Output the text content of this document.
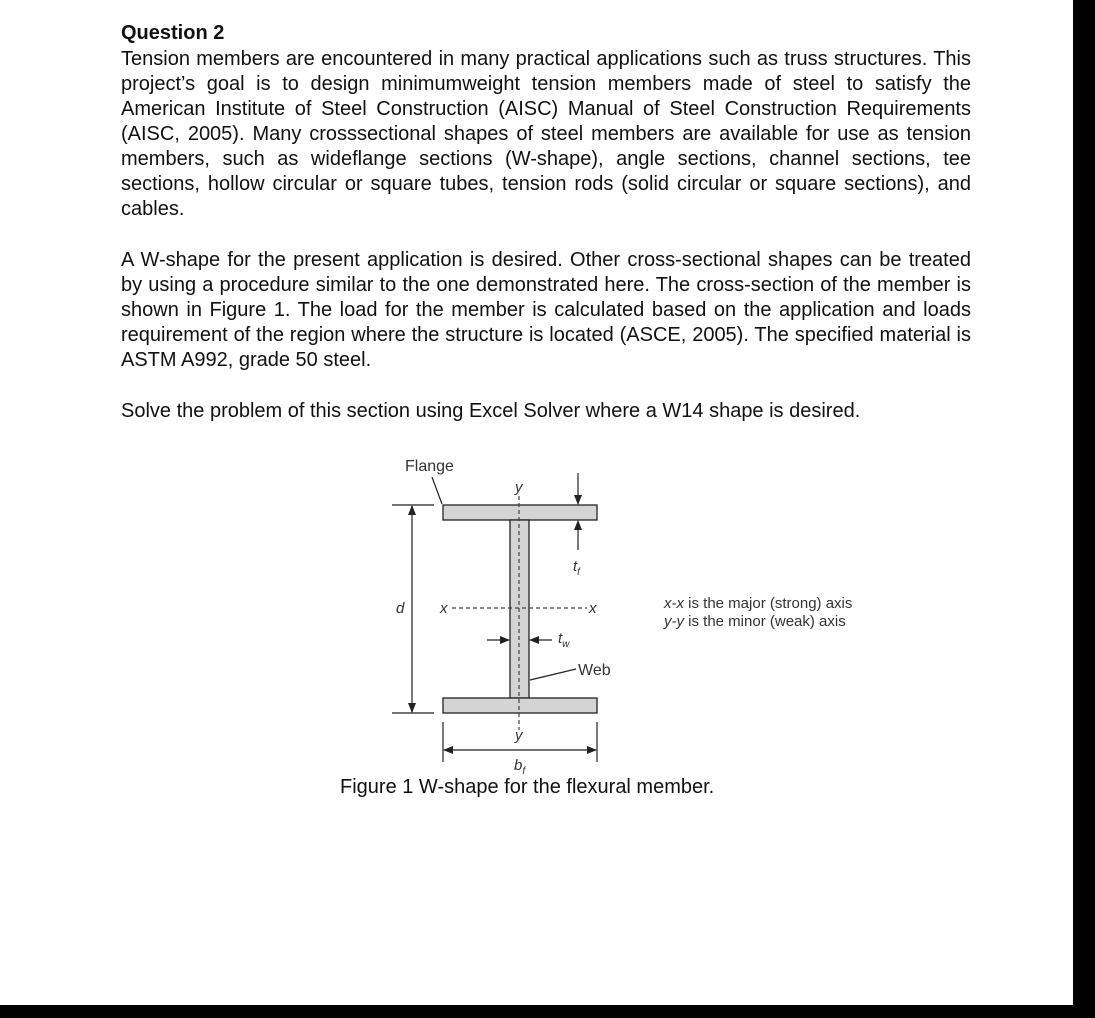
Question 2
Tension members are encountered in many practical applications such as truss structures. This project’s goal is to design minimumweight tension members made of steel to satisfy the American Institute of Steel Construction (AISC) Manual of Steel Construction Requirements (AISC, 2005). Many crosssectional shapes of steel members are available for use as tension members, such as wideflange sections (W-shape), angle sections, channel sections, tee sections, hollow circular or square tubes, tension rods (solid circular or square sections), and cables.
A W-shape for the present application is desired. Other cross-sectional shapes can be treated by using a procedure similar to the one demonstrated here. The cross-section of the member is shown in Figure 1. The load for the member is calculated based on the application and loads requirement of the region where the structure is located (ASCE, 2005). The specified material is ASTM A992, grade 50 steel.
Solve the problem of this section using Excel Solver where a W14 shape is desired.
Flange
y
y
x	x
d
$t_f$
$t_w$
Web
$b_f$
x-x is the major (strong) axis
y-y is the minor (weak) axis
Figure 1 W-shape for the flexural member.
